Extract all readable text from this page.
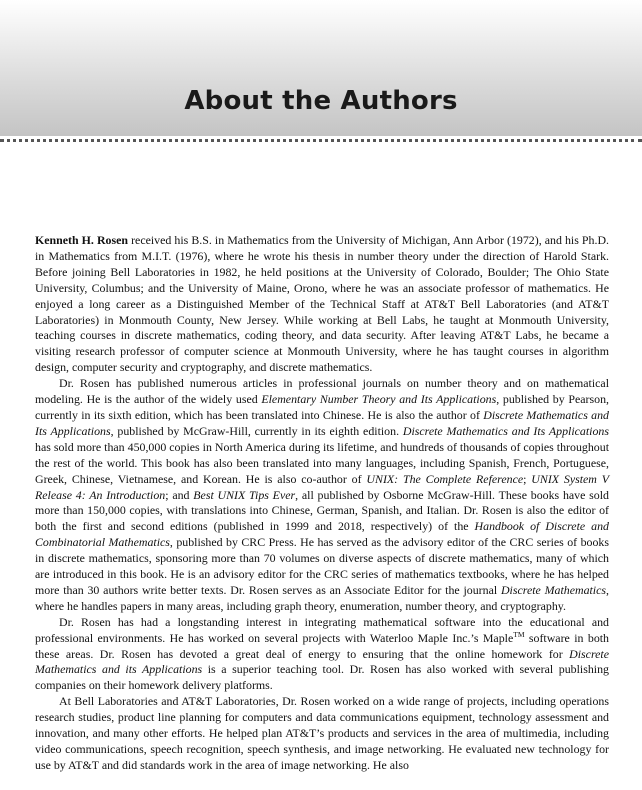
About the Authors

Kenneth H. Rosen received his B.S. in Mathematics from the University of Michigan, Ann Arbor (1972), and his Ph.D. in Mathematics from M.I.T. (1976), where he wrote his thesis in number theory under the direction of Harold Stark. Before joining Bell Laboratories in 1982, he held positions at the University of Colorado, Boulder; The Ohio State University, Columbus; and the University of Maine, Orono, where he was an associate professor of mathematics. He enjoyed a long career as a Distinguished Member of the Technical Staff at AT&T Bell Laboratories (and AT&T Laboratories) in Monmouth County, New Jersey. While working at Bell Labs, he taught at Monmouth University, teaching courses in discrete mathematics, coding theory, and data security. After leaving AT&T Labs, he became a visiting research professor of computer science at Monmouth University, where he has taught courses in algorithm design, computer security and cryptography, and discrete mathematics.

Dr. Rosen has published numerous articles in professional journals on number theory and on mathematical modeling. He is the author of the widely used Elementary Number Theory and Its Applications, published by Pearson, currently in its sixth edition, which has been translated into Chinese. He is also the author of Discrete Mathematics and Its Applications, published by McGraw-Hill, currently in its eighth edition. Discrete Mathematics and Its Applications has sold more than 450,000 copies in North America during its lifetime, and hundreds of thousands of copies throughout the rest of the world. This book has also been translated into many languages, including Spanish, French, Portuguese, Greek, Chinese, Vietnamese, and Korean. He is also co-author of UNIX: The Complete Reference; UNIX System V Release 4: An Introduction; and Best UNIX Tips Ever, all published by Osborne McGraw-Hill. These books have sold more than 150,000 copies, with translations into Chinese, German, Spanish, and Italian. Dr. Rosen is also the editor of both the first and second editions (published in 1999 and 2018, respectively) of the Handbook of Discrete and Combinatorial Mathematics, published by CRC Press. He has served as the advisory editor of the CRC series of books in discrete mathematics, sponsoring more than 70 volumes on diverse aspects of discrete mathematics, many of which are introduced in this book. He is an advisory editor for the CRC series of mathematics textbooks, where he has helped more than 30 authors write better texts. Dr. Rosen serves as an Associate Editor for the journal Discrete Mathematics, where he handles papers in many areas, including graph theory, enumeration, number theory, and cryptography.

Dr. Rosen has had a longstanding interest in integrating mathematical software into the educational and professional environments. He has worked on several projects with Waterloo Maple Inc.’s Maple™ software in both these areas. Dr. Rosen has devoted a great deal of energy to ensuring that the online homework for Discrete Mathematics and its Applications is a superior teaching tool. Dr. Rosen has also worked with several publishing companies on their homework delivery platforms.

At Bell Laboratories and AT&T Laboratories, Dr. Rosen worked on a wide range of projects, including operations research studies, product line planning for computers and data communications equipment, technology assessment and innovation, and many other efforts. He helped plan AT&T’s products and services in the area of multimedia, including video communications, speech recognition, speech synthesis, and image networking. He evaluated new technology for use by AT&T and did standards work in the area of image networking. He also
